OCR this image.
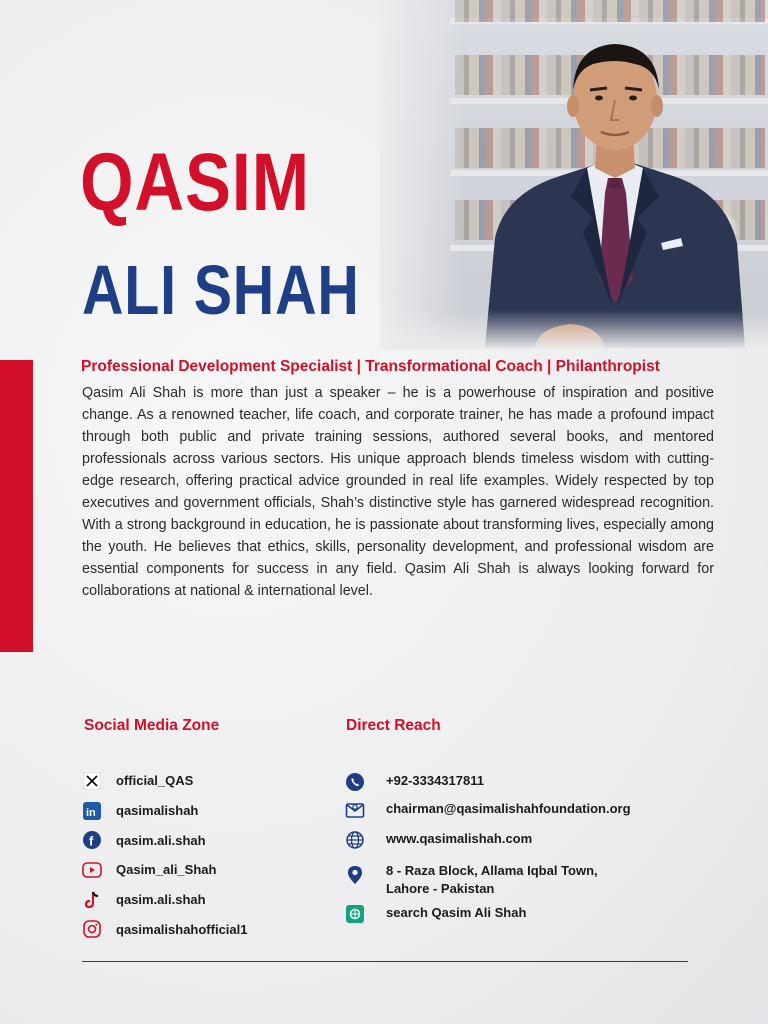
QASIM
ALI SHAH

Professional Development Specialist | Transformational Coach | Philanthropist

Qasim Ali Shah is more than just a speaker – he is a powerhouse of inspiration and positive change. As a renowned teacher, life coach, and corporate trainer, he has made a profound impact through both public and private training sessions, authored several books, and mentored professionals across various sectors. His unique approach blends timeless wisdom with cutting-edge research, offering practical advice grounded in real life examples. Widely respected by top executives and government officials, Shah’s distinctive style has garnered widespread recognition. With a strong background in education, he is passionate about transforming lives, especially among the youth. He believes that ethics, skills, personality development, and professional wisdom are essential components for success in any field. Qasim Ali Shah is always looking forward for collaborations at national & international level.

Social Media Zone	Direct Reach
official_QAS
in qasimalishah
f qasim.ali.shah
Qasim_ali_Shah
qasim.ali.shah
qasimalishahofficial1
+92-3334317811
chairman@qasimalishahfoundation.org
www.qasimalishah.com
8 - Raza Block, Allama Iqbal Town,
Lahore - Pakistan
search Qasim Ali Shah
